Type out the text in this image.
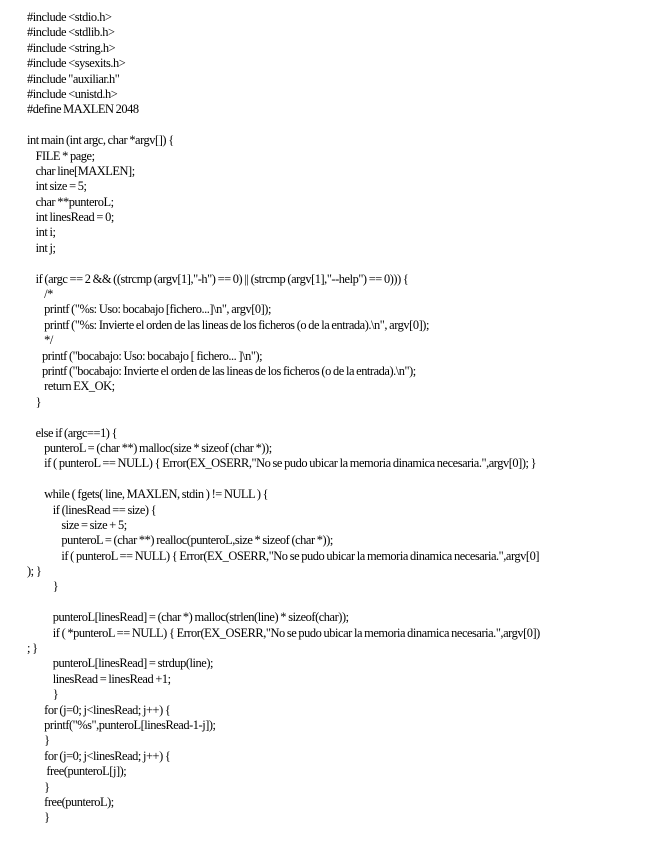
#include <stdio.h>
#include <stdlib.h>
#include <string.h>
#include <sysexits.h>
#include "auxiliar.h"
#include <unistd.h>
#define MAXLEN 2048
int main (int argc, char *argv[]) {
FILE * page;
char line[MAXLEN];
int size = 5;
char **punteroL;
int linesRead = 0;
int i;
int j;
if (argc == 2 && ((strcmp (argv[1],"-h") == 0) || (strcmp (argv[1],"--help") == 0))) {
/*
printf ("%s: Uso: bocabajo [fichero...]\n", argv[0]);
printf ("%s: Invierte el orden de las lineas de los ficheros (o de la entrada).\n", argv[0]);
*/
printf ("bocabajo: Uso: bocabajo [ fichero... ]\n");
printf ("bocabajo: Invierte el orden de las lineas de los ficheros (o de la entrada).\n");
return EX_OK;
}
else if (argc==1) {
punteroL = (char **) malloc(size * sizeof (char *));
if ( punteroL == NULL) { Error(EX_OSERR,"No se pudo ubicar la memoria dinamica necesaria.",argv[0]); }
while ( fgets( line, MAXLEN, stdin ) != NULL ) {
if (linesRead == size) {
size = size + 5;
punteroL = (char **) realloc(punteroL,size * sizeof (char *));
if ( punteroL == NULL) { Error(EX_OSERR,"No se pudo ubicar la memoria dinamica necesaria.",argv[0]
); }
}
punteroL[linesRead] = (char *) malloc(strlen(line) * sizeof(char));
if ( *punteroL == NULL) { Error(EX_OSERR,"No se pudo ubicar la memoria dinamica necesaria.",argv[0])
; }
punteroL[linesRead] = strdup(line);
linesRead = linesRead +1;
}
for (j=0; j<linesRead; j++) {
printf("%s",punteroL[linesRead-1-j]);
}
for (j=0; j<linesRead; j++) {
free(punteroL[j]);
}
free(punteroL);
}
